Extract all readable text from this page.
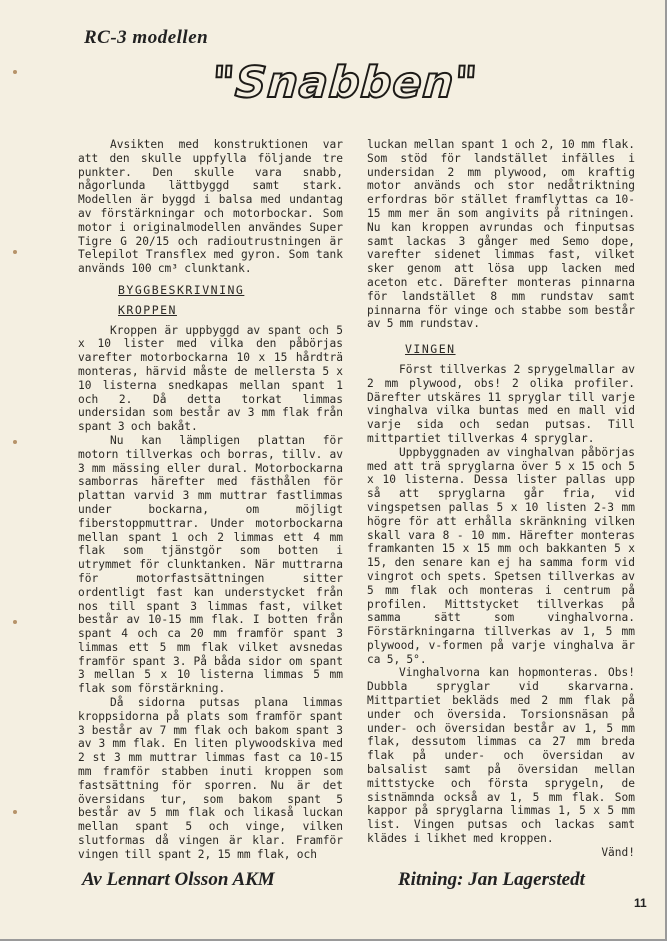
RC-3 modellen
"Snabben"

Avsikten med konstruktionen var att den skulle uppfylla följande tre punkter. Den skulle vara snabb, någorlunda lättbyggd samt stark. Modellen är byggd i balsa med undantag av förstärkningar och motorbockar. Som motor i originalmodellen användes Super Tigre G 20/15 och radioutrustningen är Telepilot Transflex med gyron. Som tank används 100 cm³ clunktank.

BYGGBESKRIVNING
KROPPEN

Kroppen är uppbyggd av spant och 5 x 10 lister med vilka den påbörjas varefter motorbockarna 10 x 15 hårdträ monteras, härvid måste de mellersta 5 x 10 listerna snedkapas mellan spant 1 och 2. Då detta torkat limmas undersidan som består av 3 mm flak från spant 3 och bakåt.

Nu kan lämpligen plattan för motorn tillverkas och borras, tillv. av 3 mm mässing eller dural. Motorbockarna samborras härefter med fästhålen för plattan varvid 3 mm muttrar fastlimmas under bockarna, om möjligt fiberstoppmuttrar. Under motorbockarna mellan spant 1 och 2 limmas ett 4 mm flak som tjänstgör som botten i utrymmet för clunktanken. När muttrarna för motorfastsättningen sitter ordentligt fast kan understycket från nos till spant 3 limmas fast, vilket består av 10-15 mm flak. I botten från spant 4 och ca 20 mm framför spant 3 limmas ett 5 mm flak vilket avsnedas framför spant 3. På båda sidor om spant 3 mellan 5 x 10 listerna limmas 5 mm flak som förstärkning.

Då sidorna putsas plana limmas kroppsidorna på plats som framför spant 3 består av 7 mm flak och bakom spant 3 av 3 mm flak. En liten plywoodskiva med 2 st 3 mm muttrar limmas fast ca 10-15 mm framför stabben inuti kroppen som fastsättning för sporren. Nu är det översidans tur, som bakom spant 5 består av 5 mm flak och likaså luckan mellan spant 5 och vinge, vilken slutformas då vingen är klar. Framför vingen till spant 2, 15 mm flak, och

luckan mellan spant 1 och 2, 10 mm flak. Som stöd för landstället infälles i undersidan 2 mm plywood, om kraftig motor används och stor nedåtriktning erfordras bör stället framflyttas ca 10-15 mm mer än som angivits på ritningen. Nu kan kroppen avrundas och finputsas samt lackas 3 gånger med Semo dope, varefter sidenet limmas fast, vilket sker genom att lösa upp lacken med aceton etc. Därefter monteras pinnarna för landstället 8 mm rundstav samt pinnarna för vinge och stabbe som består av 5 mm rundstav.

VINGEN

Först tillverkas 2 sprygelmallar av 2 mm plywood, obs! 2 olika profiler. Därefter utskäres 11 spryglar till varje vinghalva vilka buntas med en mall vid varje sida och sedan putsas. Till mittpartiet tillverkas 4 spryglar.

Uppbyggnaden av vinghalvan påbörjas med att trä spryglarna över 5 x 15 och 5 x 10 listerna. Dessa lister pallas upp så att spryglarna går fria, vid vingspetsen pallas 5 x 10 listen 2-3 mm högre för att erhålla skränkning vilken skall vara 8 - 10 mm. Härefter monteras framkanten 15 x 15 mm och bakkanten 5 x 15, den senare kan ej ha samma form vid vingrot och spets. Spetsen tillverkas av 5 mm flak och monteras i centrum på profilen. Mittstycket tillverkas på samma sätt som vinghalvorna. Förstärkningarna tillverkas av 1, 5 mm plywood, v-formen på varje vinghalva är ca 5, 5°.

Vinghalvorna kan hopmonteras. Obs! Dubbla spryglar vid skarvarna. Mittpartiet bekläds med 2 mm flak på under och översida. Torsionsnäsan på under- och översidan består av 1, 5 mm flak, dessutom limmas ca 27 mm breda flak på under- och översidan av balsalist samt på översidan mellan mittstycke och första sprygeln, de sistnämnda också av 1, 5 mm flak. Som kappor på spryglarna limmas 1, 5 x 5 mm list. Vingen putsas och lackas samt klädes i likhet med kroppen.

Vänd!

Av Lennart Olsson AKM	Ritning: Jan Lagerstedt

11
